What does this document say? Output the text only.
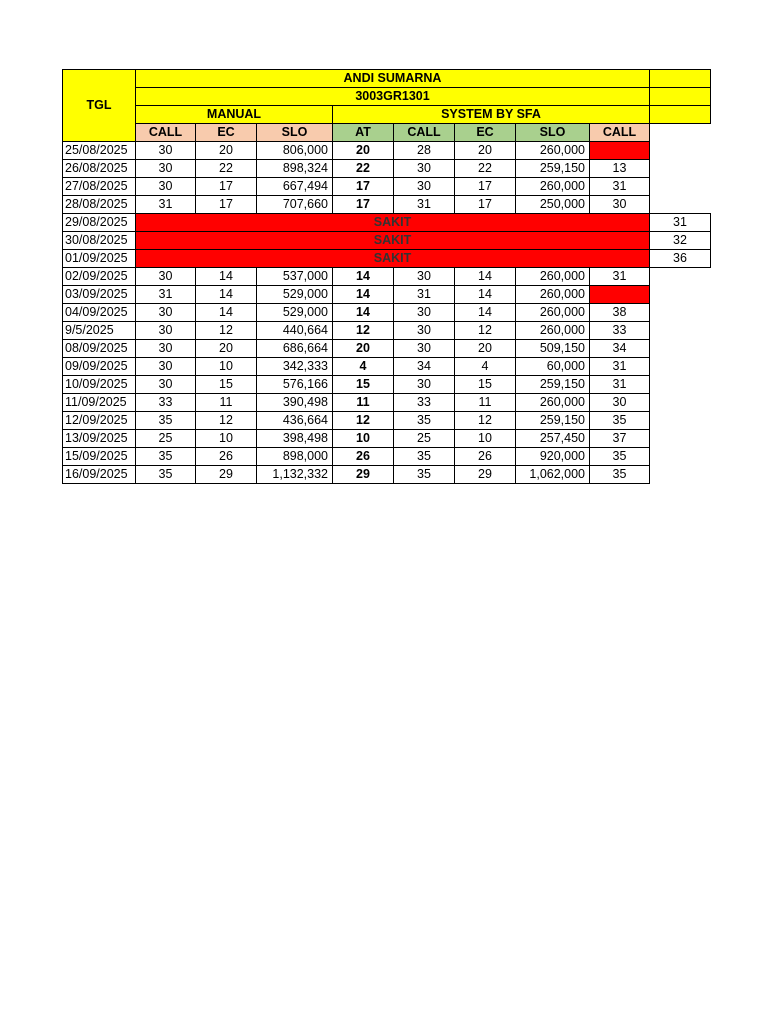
TGL	ANDI SUMARNA								
	3003GR1301								
	MANUAL			SYSTEM BY SFA					
	CALL	EC	SLO	AT	CALL	EC	SLO	CALL	
25/08/2025	30	20	806,000	20	28	20	260,000		
26/08/2025	30	22	898,324	22	30	22	259,150	13	
27/08/2025	30	17	667,494	17	30	17	260,000	31	
28/08/2025	31	17	707,660	17	31	17	250,000	30	
29/08/2025	SAKIT								31
30/08/2025	SAKIT								32
01/09/2025	SAKIT								36
02/09/2025	30	14	537,000	14	30	14	260,000	31	
03/09/2025	31	14	529,000	14	31	14	260,000		
04/09/2025	30	14	529,000	14	30	14	260,000	38	
9/5/2025	30	12	440,664	12	30	12	260,000	33	
08/09/2025	30	20	686,664	20	30	20	509,150	34	
09/09/2025	30	10	342,333	4	34	4	60,000	31	
10/09/2025	30	15	576,166	15	30	15	259,150	31	
11/09/2025	33	11	390,498	11	33	11	260,000	30	
12/09/2025	35	12	436,664	12	35	12	259,150	35	
13/09/2025	25	10	398,498	10	25	10	257,450	37	
15/09/2025	35	26	898,000	26	35	26	920,000	35	
16/09/2025	35	29	1,132,332	29	35	29	1,062,000	35	
